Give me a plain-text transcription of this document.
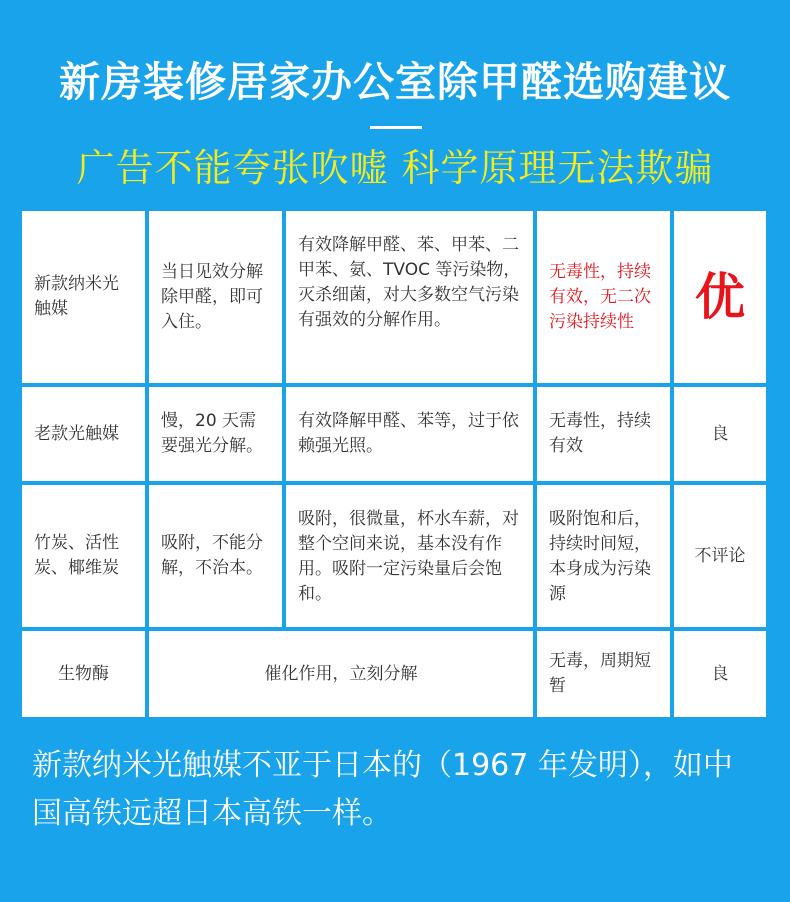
新房装修居家办公室除甲醛选购建议
广告不能夸张吹嘘 科学原理无法欺骗
新款纳米光触媒
当日见效分解除甲醛，即可入住。
有效降解甲醛、苯、甲苯、二甲苯、氨、TVOC 等污染物，灭杀细菌，对大多数空气污染有强效的分解作用。
无毒性，持续有效，无二次污染持续性	优
老款光触媒
慢，20 天需要强光分解。
有效降解甲醛、苯等，过于依赖强光照。
无毒性，持续有效
良
竹炭、活性炭、椰维炭
吸附，不能分解，不治本。
吸附，很微量，杯水车薪，对整个空间来说，基本没有作用。吸附一定污染量后会饱和。
吸附饱和后，持续时间短，本身成为污染源
不评论
生物酶	催化作用，立刻分解
无毒，周期短暂
良
新款纳米光触媒不亚于日本的（1967 年发明），如中国高铁远超日本高铁一样。
